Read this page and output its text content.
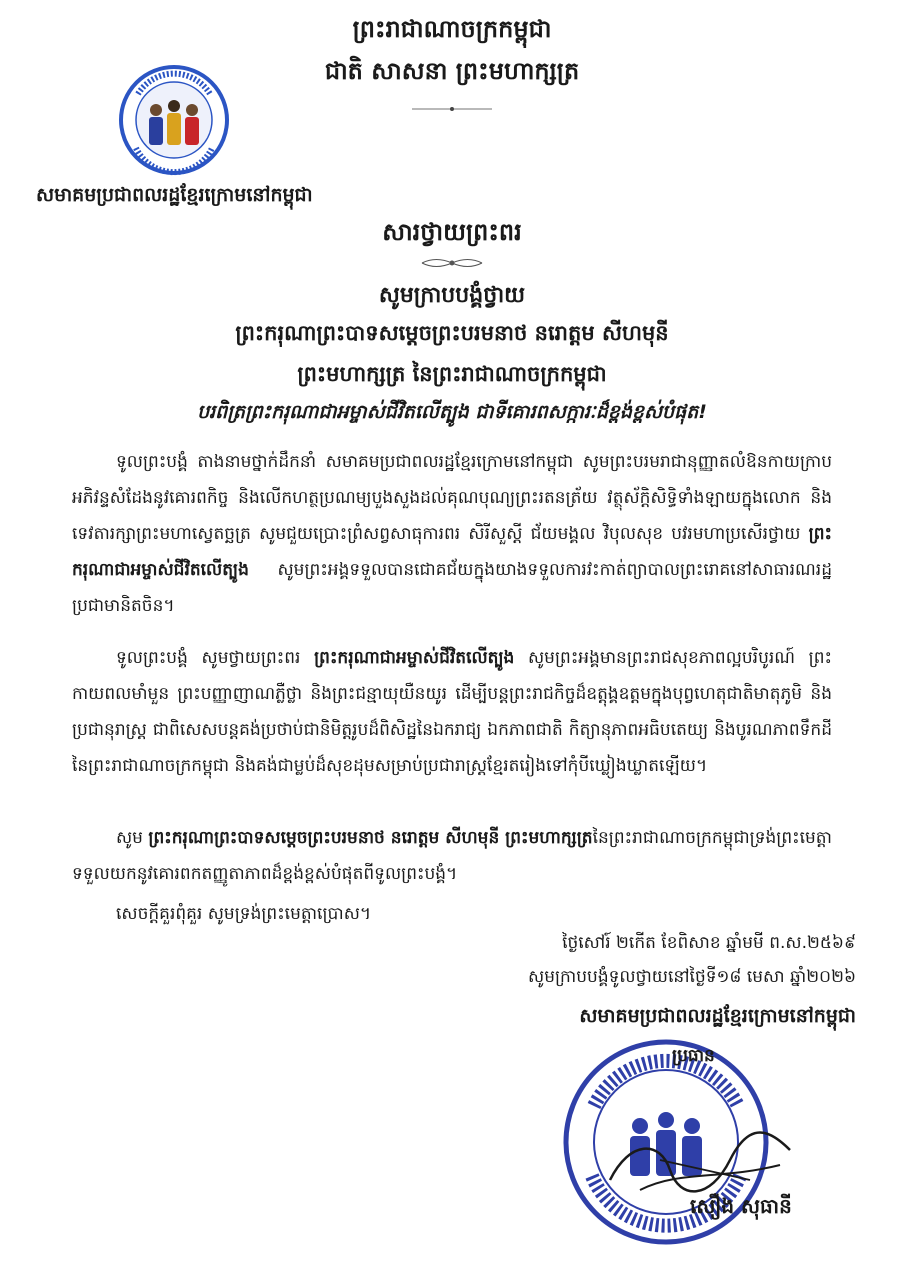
ព្រះរាជាណាចក្រកម្ពុជា
ជាតិ សាសនា ព្រះមហាក្សត្រ
សមាគមប្រជាពលរដ្ឋខ្មែរក្រោមនៅកម្ពុជា
សារថ្វាយព្រះពរ
សូមក្រាបបង្គំថ្វាយ
ព្រះករុណាព្រះបាទសម្តេចព្រះបរមនាថ នរោត្តម សីហមុនី
ព្រះមហាក្សត្រ នៃព្រះរាជាណាចក្រកម្ពុជា
បរពិត្រព្រះករុណាជាអម្ចាស់ជីវិតលើត្បូង ជាទីគោរពសក្ការៈដ៏ខ្ពង់ខ្ពស់បំផុត!
ទូលព្រះបង្គំ តាងនាមថ្នាក់ដឹកនាំ សមាគមប្រជាពលរដ្ឋខ្មែរក្រោមនៅកម្ពុជា សូមព្រះបរមរាជានុញ្ញាតលំឱនកាយក្រាបអភិវន្ទសំដែងនូវគោរពកិច្ច និងលើកហត្ថប្រណម្យបួងសួងដល់គុណបុណ្យព្រះរតនត្រ័យ វត្ថុស័ក្តិសិទ្ធិទាំងឡាយក្នុងលោក និងទេវតារក្សាព្រះមហាស្វេតច្ឆត្រ សូមជួយប្រោះព្រំសព្វសាធុការពរ សិរីសួស្តី ជ័យមង្គល វិបុលសុខ បវរមហាប្រសើរថ្វាយ ព្រះករុណាជាអម្ចាស់ជីវិតលើត្បូង សូមព្រះអង្គទទួលបានជោគជ័យក្នុងយាងទទួលការវះកាត់ព្យាបាលព្រះរោគនៅសាធារណរដ្ឋប្រជាមានិតចិន។
ទូលព្រះបង្គំ សូមថ្វាយព្រះពរ ព្រះករុណាជាអម្ចាស់ជីវិតលើត្បូង សូមព្រះអង្គមានព្រះរាជសុខភាពល្អបរិបូរណ៍ ព្រះកាយពលមាំមួន ព្រះបញ្ញាញាណភ្លឺថ្លា និងព្រះជន្មាយុយឺនយូរ ដើម្បីបន្តព្រះរាជកិច្ចដ៏ឧត្តុង្គឧត្តមក្នុងបុព្វហេតុជាតិមាតុភូមិ និងប្រជានុរាស្ត្រ ជាពិសេសបន្តគង់ប្រថាប់ជានិមិត្តរូបដ៏ពិសិដ្ឋនៃឯករាជ្យ ឯកភាពជាតិ កិត្យានុភាពអធិបតេយ្យ និងបូរណភាពទឹកដីនៃព្រះរាជាណាចក្រកម្ពុជា និងគង់ជាម្លប់ដ៏សុខដុមសម្រាប់ប្រជារាស្ត្រខ្មែរតរៀងទៅកុំបីឃ្លៀងឃ្លាតឡើយ។
សូម ព្រះករុណាព្រះបាទសម្តេចព្រះបរមនាថ នរោត្តម សីហមុនី ព្រះមហាក្សត្រនៃព្រះរាជាណាចក្រកម្ពុជាទ្រង់ព្រះមេត្តាទទួលយកនូវគោរពកតញ្ញូតាភាពដ៏ខ្ពង់ខ្ពស់បំផុតពីទូលព្រះបង្គំ។
សេចក្តីគួរពុំគួរ សូមទ្រង់ព្រះមេត្តាប្រោស។
ថ្ងៃសៅរ៍ ២កើត ខែពិសាខ ឆ្នាំមមី ព.ស.២៥៦៩
សូមក្រាបបង្គំទូលថ្វាយនៅថ្ងៃទី១៨ មេសា ឆ្នាំ២០២៦
សមាគមប្រជាពលរដ្ឋខ្មែរក្រោមនៅកម្ពុជា
ប្រធាន
សឿង សុធានី
